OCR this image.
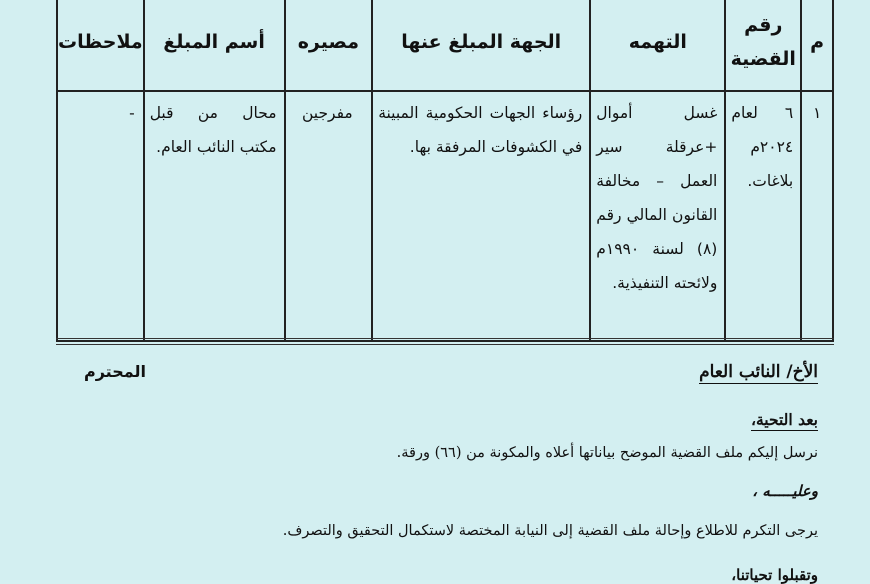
م	رقم القضية	التهمه	الجهة المبلغ عنها	مصيره	أسم المبلغ	ملاحظات

١	٦ لعام ٢٠٢٤م بلاغات.	غسل أموال +عرقلة سير العمل – مخالفة القانون المالي رقم (٨) لسنة ١٩٩٠م ولائحته التنفيذية.	رؤساء الجهات الحكومية المبينة في الكشوفات المرفقة بها.	مفرجين	محال من قبل مكتب النائب العام.	-
الأخ/ النائب العام
المحترم
بعد التحية،
نرسل إليكم ملف القضية الموضح بياناتها أعلاه والمكونة من (٦٦) ورقة.
وعليـــــه ،
يرجى التكرم للاطلاع وإحالة ملف القضية إلى النيابة المختصة لاستكمال التحقيق والتصرف.
وتقبلوا تحياتنا،
